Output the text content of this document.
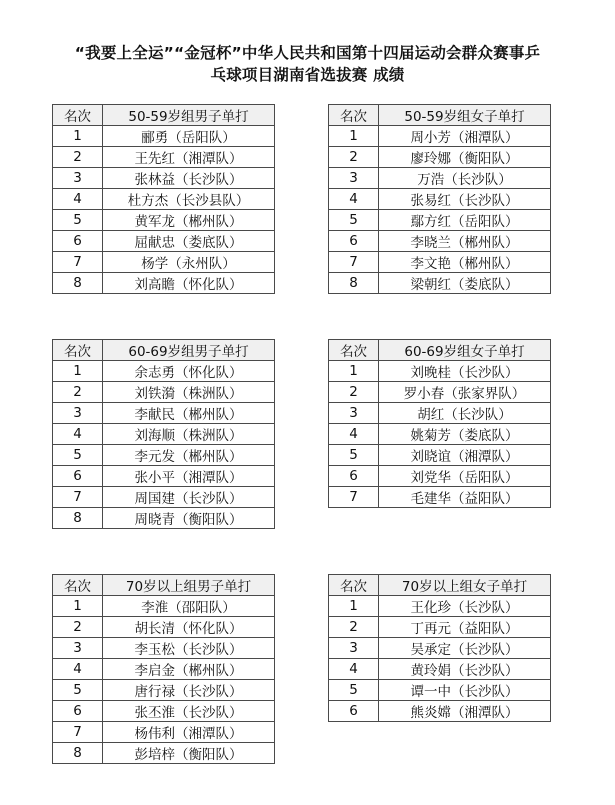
“我要上全运”“金冠杯”中华人民共和国第十四届运动会群众赛事乒
乓球项目湖南省选拔赛 成绩
名次	50-59岁组男子单打
1	郦勇（岳阳队）
2	王先红（湘潭队）
3	张林益（长沙队）
4	杜方杰（长沙县队）
5	黄军龙（郴州队）
6	屈献忠（娄底队）
7	杨学（永州队）
8	刘高瞻（怀化队）
名次	50-59岁组女子单打
1	周小芳（湘潭队）
2	廖玲娜（衡阳队）
3	万浩（长沙队）
4	张易红（长沙队）
5	鄢方红（岳阳队）
6	李晓兰（郴州队）
7	李文艳（郴州队）
8	梁朝红（娄底队）
名次	60-69岁组男子单打
1	余志勇（怀化队）
2	刘铁漪（株洲队）
3	李献民（郴州队）
4	刘海顺（株洲队）
5	李元发（郴州队）
6	张小平（湘潭队）
7	周国建（长沙队）
8	周晓青（衡阳队）
名次	60-69岁组女子单打
1	刘晚桂（长沙队）
2	罗小春（张家界队）
3	胡红（长沙队）
4	姚菊芳（娄底队）
5	刘晓谊（湘潭队）
6	刘党华（岳阳队）
7	毛建华（益阳队）
名次	70岁以上组男子单打
1	李淮（邵阳队）
2	胡长清（怀化队）
3	李玉松（长沙队）
4	李启金（郴州队）
5	唐行禄（长沙队）
6	张丕淮（长沙队）
7	杨伟利（湘潭队）
8	彭培梓（衡阳队）
名次	70岁以上组女子单打
1	王化珍（长沙队）
2	丁再元（益阳队）
3	吴承定（长沙队）
4	黄玲娟（长沙队）
5	谭一中（长沙队）
6	熊炎嫦（湘潭队）
